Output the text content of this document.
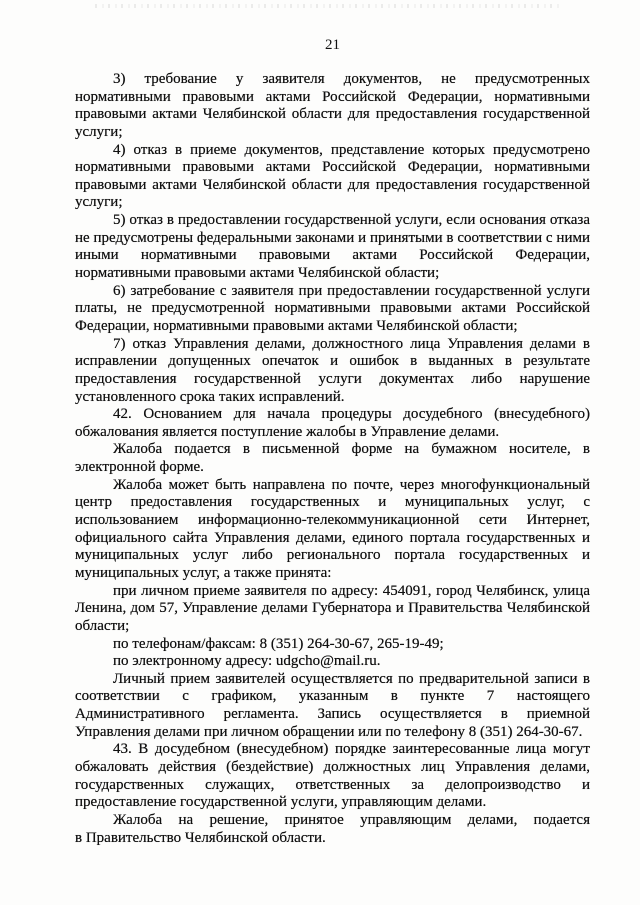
21
3) требование у заявителя документов, не предусмотренных
нормативными правовыми актами Российской Федерации, нормативными
правовыми актами Челябинской области для предоставления государственной
услуги;
4) отказ в приеме документов, представление которых предусмотрено
нормативными правовыми актами Российской Федерации, нормативными
правовыми актами Челябинской области для предоставления государственной
услуги;
5) отказ в предоставлении государственной услуги, если основания отказа
не предусмотрены федеральными законами и принятыми в соответствии с ними
иными нормативными правовыми актами Российской Федерации,
нормативными правовыми актами Челябинской области;
6) затребование с заявителя при предоставлении государственной услуги
платы, не предусмотренной нормативными правовыми актами Российской
Федерации, нормативными правовыми актами Челябинской области;
7) отказ Управления делами, должностного лица Управления делами в
исправлении допущенных опечаток и ошибок в выданных в результате
предоставления государственной услуги документах либо нарушение
установленного срока таких исправлений.
42. Основанием для начала процедуры досудебного (внесудебного)
обжалования является поступление жалобы в Управление делами.
Жалоба подается в письменной форме на бумажном носителе, в
электронной форме.
Жалоба может быть направлена по почте, через многофункциональный
центр предоставления государственных и муниципальных услуг, с
использованием информационно-телекоммуникационной сети Интернет,
официального сайта Управления делами, единого портала государственных и
муниципальных услуг либо регионального портала государственных и
муниципальных услуг, а также принята:
при личном приеме заявителя по адресу: 454091, город Челябинск, улица
Ленина, дом 57, Управление делами Губернатора и Правительства Челябинской
области;
по телефонам/факсам: 8 (351) 264-30-67, 265-19-49;
по электронному адресу: udgcho@mail.ru.
Личный прием заявителей осуществляется по предварительной записи в
соответствии с графиком, указанным в пункте 7 настоящего
Административного регламента. Запись осуществляется в приемной
Управления делами при личном обращении или по телефону 8 (351) 264-30-67.
43. В досудебном (внесудебном) порядке заинтересованные лица могут
обжаловать действия (бездействие) должностных лиц Управления делами,
государственных служащих, ответственных за делопроизводство и
предоставление государственной услуги, управляющим делами.
Жалоба на решение, принятое управляющим делами, подается
в Правительство Челябинской области.
